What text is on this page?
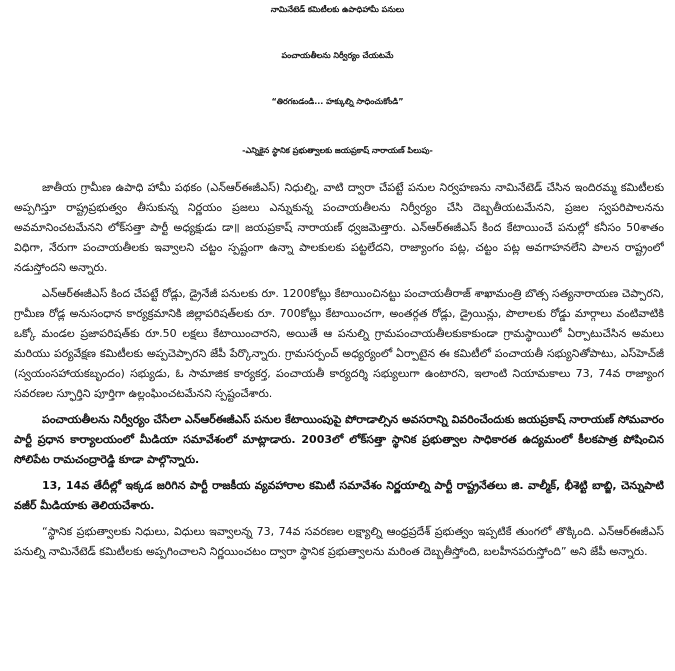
నామినేటెడ్ కమిటీలకు ఉపాధిహామీ పనులు
పంచాయతీలను నిర్వీర్యం చేయటమే
“తిరగబడండి... హక్కుల్ని సాధించుకోండి”
-ఎన్నికైన స్థానిక ప్రభుత్వాలకు జయప్రకాష్ నారాయణ్ పిలుపు-

జాతీయ గ్రామీణ ఉపాధి హామీ పథకం (ఎన్ఆర్ఈజీఎస్) నిధుల్ని, వాటి ద్వారా చేపట్టే పనుల నిర్వహణను నామినేటెడ్ చేసిన ఇందిరమ్మ కమిటీలకు అప్పగిస్తూ రాష్ట్రప్రభుత్వం తీసుకున్న నిర్ణయం ప్రజలు ఎన్నుకున్న పంచాయతీలను నిర్వీర్యం చేసి దెబ్బతీయటమేనని, ప్రజల స్వపరిపాలనను అవమానించటమేనని లోక్‌సత్తా పార్టీ అధ్యక్షుడు డా॥ జయప్రకాష్ నారాయణ్ ధ్వజమెత్తారు. ఎన్ఆర్ఈజీఎస్ కింద కేటాయించే పనుల్లో కనీసం 50శాతం విధిగా, నేరుగా పంచాయతీలకు ఇవ్వాలని చట్టం స్పష్టంగా ఉన్నా పాలకులకు పట్టలేదని, రాజ్యాంగం పట్ల, చట్టం పట్ల అవగాహనలేని పాలన రాష్ట్రంలో నడుస్తోందని అన్నారు.

ఎన్ఆర్ఈజీఎస్ కింద చేపట్టే రోడ్లు, డ్రైనేజీ పనులకు రూ. 1200కోట్లు కేటాయించినట్టు పంచాయతీరాజ్ శాఖామంత్రి బొత్స సత్యనారాయణ చెప్పారని, గ్రామీణ రోడ్ల అనుసంధాన కార్యక్రమానికి జిల్లాపరిషత్‌లకు రూ. 700కోట్లు కేటాయించగా, అంతర్గత రోడ్లు, డ్రైయిన్లు, పొలాలకు రోడ్డు మార్గాలు వంటివాటికి ఒక్కో మండల ప్రజాపరిషత్‌కు రూ.50 లక్షలు కేటాయించారని, అయితే ఆ పనుల్ని గ్రామపంచాయతీలకుకాకుండా గ్రామస్థాయిలో ఏర్పాటుచేసిన అమలు మరియు పర్యవేక్షణ కమిటీలకు అప్పచెప్పారని జేపీ పేర్కొన్నారు. గ్రామసర్పంచ్ అధ్యర్యంలో ఏర్పాటైన ఈ కమిటీలో పంచాయతీ సభ్యునితోపాటు, ఎస్‌హెచ్‌జీ (స్వయంసహాయకబృందం) సభ్యుడు, ఓ సామాజిక కార్యకర్త, పంచాయతీ కార్యదర్శి సభ్యులుగా ఉంటారని, ఇలాంటి నియామకాలు 73, 74వ రాజ్యాంగ సవరణల స్ఫూర్తిని పూర్తిగా ఉల్లంఘించటమేనని స్పష్టంచేశారు.

పంచాయతీలను నిర్వీర్యం చేసేలా ఎన్ఆర్ఈజీఎస్ పనుల కేటాయింపుపై పోరాడాల్సిన అవసరాన్ని వివరించేందుకు జయప్రకాష్ నారాయణ్ సోమవారం పార్టీ ప్రధాన కార్యాలయంలో మీడియా సమావేశంలో మాట్లాడారు. 2003లో లోక్‌సత్తా స్థానిక ప్రభుత్వాల సాధికారత ఉద్యమంలో కీలకపాత్ర పోషించిన సోలిపేట రామచంద్రారెడ్డి కూడా పాల్గొన్నారు.

13, 14వ తేదీల్లో ఇక్కడ జరిగిన పార్టీ రాజకీయ వ్యవహారాల కమిటీ సమావేశం నిర్ణయాల్ని పార్టీ రాష్ట్రనేతలు జి. వాల్మీక్, భీశెట్టి బాబ్జి, చెన్నుపాటి వజీర్ మీడియాకు తెలియచేశారు.

“స్థానిక ప్రభుత్వాలకు నిధులు, విధులు ఇవ్వాలన్న 73, 74వ సవరణల లక్ష్యాల్ని ఆంధ్రప్రదేశ్ ప్రభుత్వం ఇప్పటికే తుంగలో తొక్కింది. ఎన్ఆర్ఈజీఎస్ పనుల్ని నామినేటెడ్ కమిటీలకు అప్పగించాలని నిర్ణయించటం ద్వారా స్థానిక ప్రభుత్వాలను మరింత దెబ్బతీస్తోంది, బలహీనపరుస్తోంది” అని జేపీ అన్నారు.
